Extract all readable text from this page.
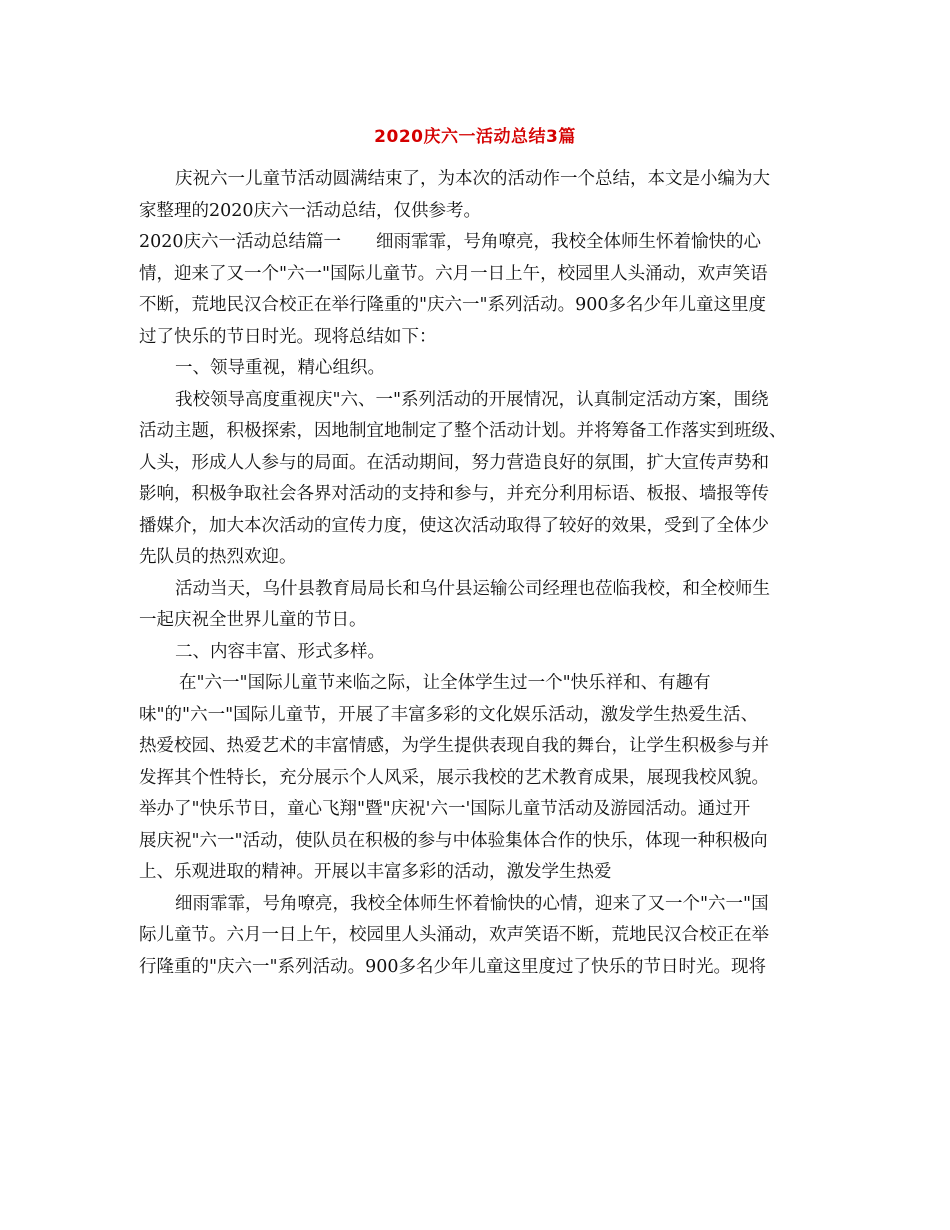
2020庆六一活动总结3篇
庆祝六一儿童节活动圆满结束了，为本次的活动作一个总结，本文是小编为大
家整理的2020庆六一活动总结，仅供参考。
2020庆六一活动总结篇一　　细雨霏霏，号角嘹亮，我校全体师生怀着愉快的心
情，迎来了又一个"六一"国际儿童节。六月一日上午，校园里人头涌动，欢声笑语
不断，荒地民汉合校正在举行隆重的"庆六一"系列活动。900多名少年儿童这里度
过了快乐的节日时光。现将总结如下：
一、领导重视，精心组织。
我校领导高度重视庆"六、一"系列活动的开展情况，认真制定活动方案，围绕
活动主题，积极探索，因地制宜地制定了整个活动计划。并将筹备工作落实到班级、
人头，形成人人参与的局面。在活动期间，努力营造良好的氛围，扩大宣传声势和
影响，积极争取社会各界对活动的支持和参与，并充分利用标语、板报、墙报等传
播媒介，加大本次活动的宣传力度，使这次活动取得了较好的效果，受到了全体少
先队员的热烈欢迎。
活动当天，乌什县教育局局长和乌什县运输公司经理也莅临我校，和全校师生
一起庆祝全世界儿童的节日。
二、内容丰富、形式多样。
在"六一"国际儿童节来临之际，让全体学生过一个"快乐祥和、有趣有
味"的"六一"国际儿童节，开展了丰富多彩的文化娱乐活动，激发学生热爱生活、
热爱校园、热爱艺术的丰富情感，为学生提供表现自我的舞台，让学生积极参与并
发挥其个性特长，充分展示个人风采，展示我校的艺术教育成果，展现我校风貌。
举办了"快乐节日，童心飞翔"暨"庆祝'六一'国际儿童节活动及游园活动。通过开
展庆祝"六一"活动，使队员在积极的参与中体验集体合作的快乐，体现一种积极向
上、乐观进取的精神。开展以丰富多彩的活动，激发学生热爱
细雨霏霏，号角嘹亮，我校全体师生怀着愉快的心情，迎来了又一个"六一"国
际儿童节。六月一日上午，校园里人头涌动，欢声笑语不断，荒地民汉合校正在举
行隆重的"庆六一"系列活动。900多名少年儿童这里度过了快乐的节日时光。现将
